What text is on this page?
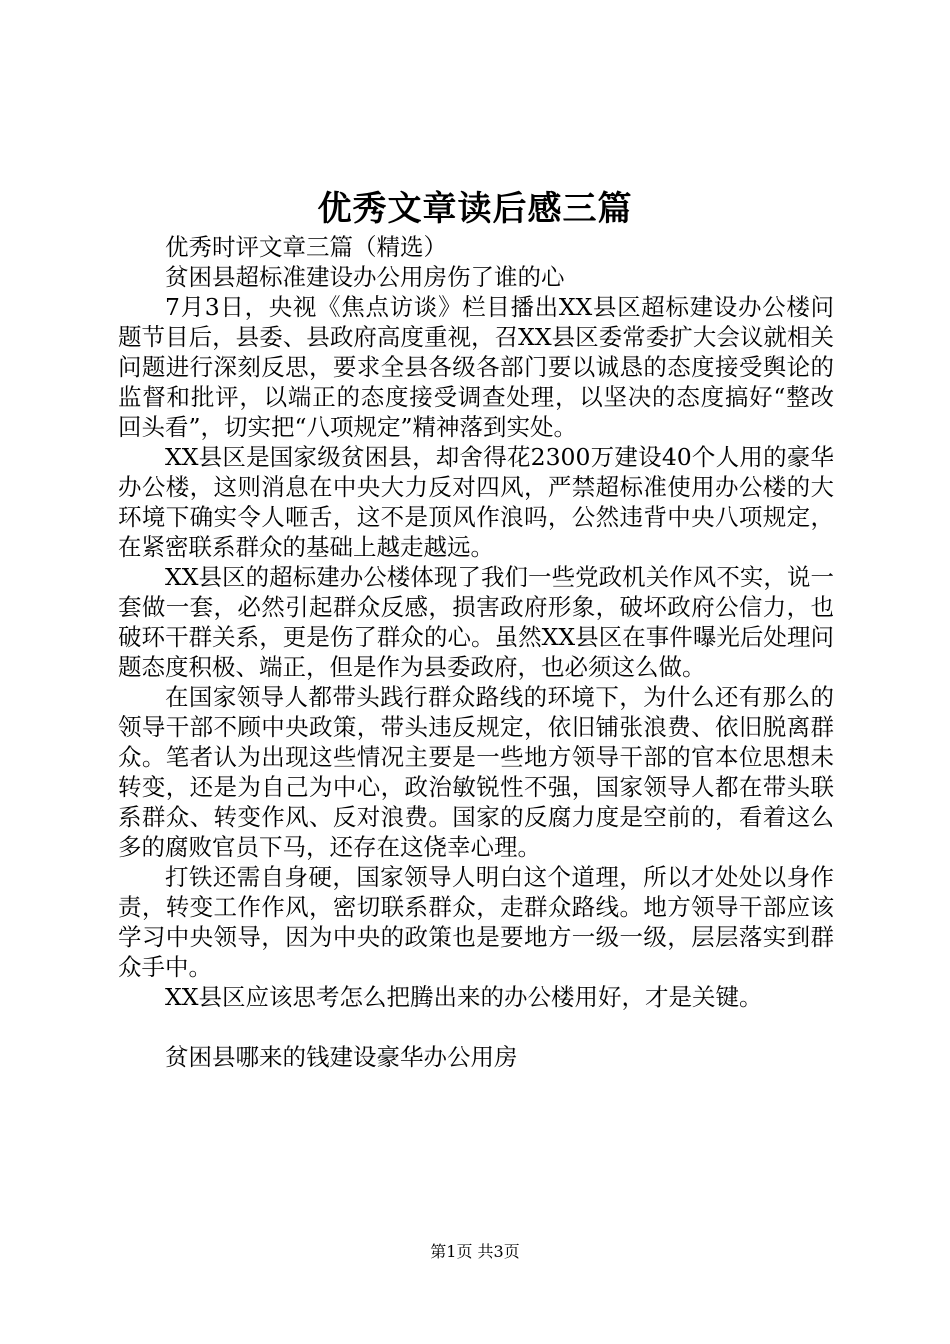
优秀文章读后感三篇

优秀时评文章三篇（精选）

贫困县超标准建设办公用房伤了谁的心

7月3日，央视《焦点访谈》栏目播出XX县区超标建设办公楼问题节目后，县委、县政府高度重视，召XX县区委常委扩大会议就相关问题进行深刻反思，要求全县各级各部门要以诚恳的态度接受舆论的监督和批评，以端正的态度接受调查处理，以坚决的态度搞好“整改回头看”，切实把“八项规定”精神落到实处。

XX县区是国家级贫困县，却舍得花2300万建设40个人用的豪华办公楼，这则消息在中央大力反对四风，严禁超标准使用办公楼的大环境下确实令人咂舌，这不是顶风作浪吗，公然违背中央八项规定，在紧密联系群众的基础上越走越远。

XX县区的超标建办公楼体现了我们一些党政机关作风不实，说一套做一套，必然引起群众反感，损害政府形象，破坏政府公信力，也破环干群关系，更是伤了群众的心。虽然XX县区在事件曝光后处理问题态度积极、端正，但是作为县委政府，也必须这么做。

在国家领导人都带头践行群众路线的环境下，为什么还有那么的领导干部不顾中央政策，带头违反规定，依旧铺张浪费、依旧脱离群众。笔者认为出现这些情况主要是一些地方领导干部的官本位思想未转变，还是为自己为中心，政治敏锐性不强，国家领导人都在带头联系群众、转变作风、反对浪费。国家的反腐力度是空前的，看着这么多的腐败官员下马，还存在这侥幸心理。

打铁还需自身硬，国家领导人明白这个道理，所以才处处以身作责，转变工作作风，密切联系群众，走群众路线。地方领导干部应该学习中央领导，因为中央的政策也是要地方一级一级，层层落实到群众手中。

XX县区应该思考怎么把腾出来的办公楼用好，才是关键。

贫困县哪来的钱建设豪华办公用房

第1页 共3页
